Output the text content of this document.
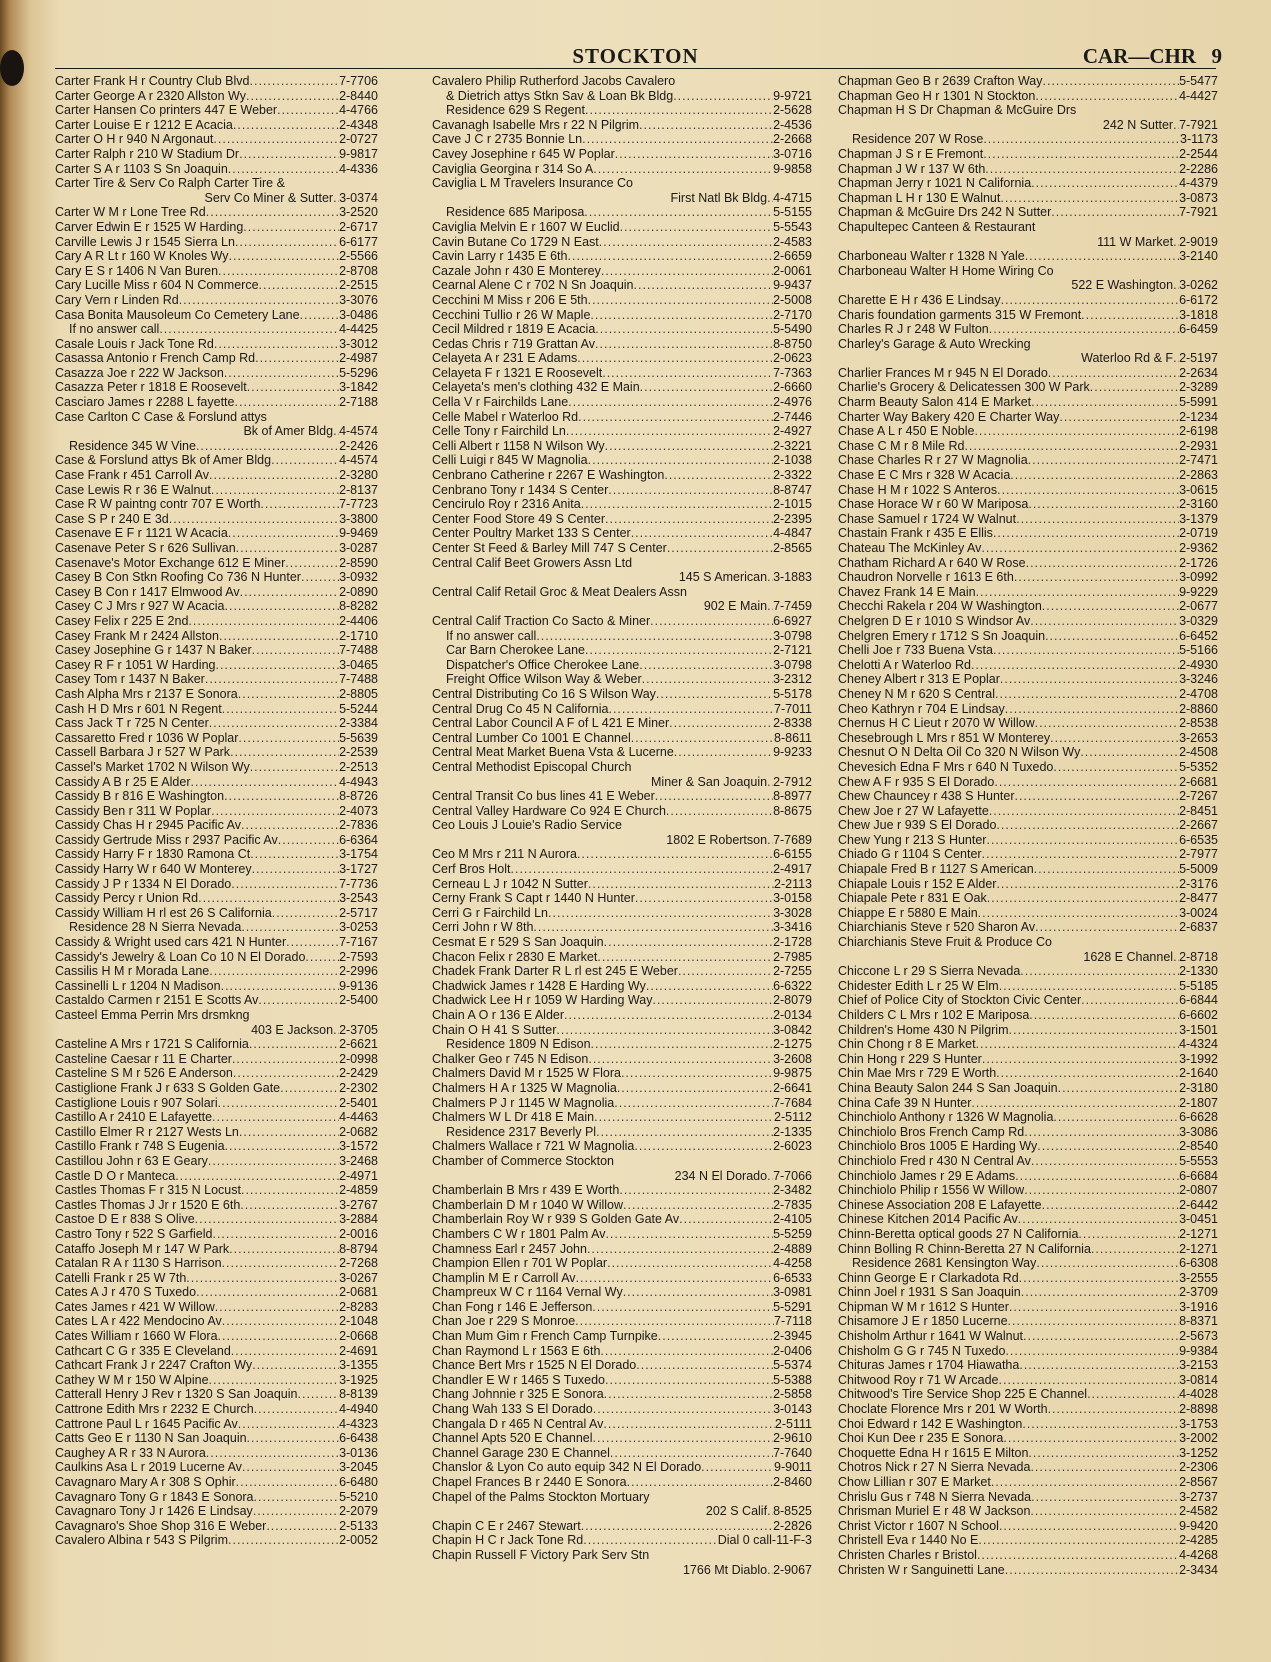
STOCKTON	CAR—CHR 9
Carter Frank H r Country Club Blvd .....	7-7706
Carter George A r 2320 Allston Wy .....	2-8440
Carter Hansen Co printers 447 E Weber .....	4-4766
Carter Louise E r 1212 E Acacia .....	2-4348
Carter O H r 940 N Argonaut .....	2-0727
Carter Ralph r 210 W Stadium Dr .....	9-9817
Carter S A r 1103 S Sn Joaquin .....	4-4336
Carter Tire & Serv Co Ralph Carter Tire &
Serv Co Miner & Sutter ..... 3-0374
Carter W M r Lone Tree Rd .....	3-2520
Carver Edwin E r 1525 W Harding .....	2-6717
Carville Lewis J r 1545 Sierra Ln .....	6-6177
Cary A R Lt r 160 W Knoles Wy .....	2-5566
Cary E S r 1406 N Van Buren .....	2-8708
Cary Lucille Miss r 604 N Commerce .....	2-2515
Cary Vern r Linden Rd .....	3-3076
Casa Bonita Mausoleum Co Cemetery Lane .....	3-0486
If no answer call .....	4-4425
Casale Louis r Jack Tone Rd .....	3-3012
Casassa Antonio r French Camp Rd .....	2-4987
Casazza Joe r 222 W Jackson .....	5-5296
Casazza Peter r 1818 E Roosevelt .....	3-1842
Casciaro James r 2288 L fayette .....	2-7188
Case Carlton C Case & Forslund attys
Bk of Amer Bldg ..... 4-4574
Residence 345 W Vine .....	2-2426
Case & Forslund attys Bk of Amer Bldg .....	4-4574
Case Frank r 451 Carroll Av .....	2-3280
Case Lewis R r 36 E Walnut .....	2-8137
Case R W paintng contr 707 E Worth .....	7-7723
Case S P r 240 E 3d .....	3-3800
Casenave E F r 1121 W Acacia .....	9-9469
Casenave Peter S r 626 Sullivan .....	3-0287
Casenave's Motor Exchange 612 E Miner .....	2-8590
Casey B Con Stkn Roofing Co 736 N Hunter .....	3-0932
Casey B Con r 1417 Elmwood Av .....	2-0890
Casey C J Mrs r 927 W Acacia .....	8-8282
Casey Felix r 225 E 2nd .....	2-4406
Casey Frank M r 2424 Allston .....	2-1710
Casey Josephine G r 1437 N Baker .....	7-7488
Casey R F r 1051 W Harding .....	3-0465
Casey Tom r 1437 N Baker .....	7-7488
Cash Alpha Mrs r 2137 E Sonora .....	2-8805
Cash H D Mrs r 601 N Regent .....	5-5244
Cass Jack T r 725 N Center .....	2-3384
Cassaretto Fred r 1036 W Poplar .....	5-5639
Cassell Barbara J r 527 W Park .....	2-2539
Cassel's Market 1702 N Wilson Wy .....	2-2513
Cassidy A B r 25 E Alder .....	4-4943
Cassidy B r 816 E Washington .....	8-8726
Cassidy Ben r 311 W Poplar .....	2-4073
Cassidy Chas H r 2945 Pacific Av .....	2-7836
Cassidy Gertrude Miss r 2937 Pacific Av .....	6-6364
Cassidy Harry F r 1830 Ramona Ct .....	3-1754
Cassidy Harry W r 640 W Monterey .....	3-1727
Cassidy J P r 1334 N El Dorado .....	7-7736
Cassidy Percy r Union Rd .....	3-2543
Cassidy William H rl est 26 S California .....	2-5717
Residence 28 N Sierra Nevada .....	3-0253
Cassidy & Wright used cars 421 N Hunter .....	7-7167
Cassidy's Jewelry & Loan Co 10 N El Dorado .....	2-7593
Cassilis H M r Morada Lane .....	2-2996
Cassinelli L r 1204 N Madison .....	9-9136
Castaldo Carmen r 2151 E Scotts Av .....	2-5400
Casteel Emma Perrin Mrs drsmkng
403 E Jackson ..... 2-3705
Casteline A Mrs r 1721 S California .....	2-6621
Casteline Caesar r 11 E Charter .....	2-0998
Casteline S M r 526 E Anderson .....	2-2429
Castiglione Frank J r 633 S Golden Gate .....	2-2302
Castiglione Louis r 907 Solari .....	2-5401
Castillo A r 2410 E Lafayette .....	4-4463
Castillo Elmer R r 2127 Wests Ln .....	2-0682
Castillo Frank r 748 S Eugenia .....	3-1572
Castillou John r 63 E Geary .....	3-2468
Castle D O r Manteca .....	2-4971
Castles Thomas F r 315 N Locust .....	2-4859
Castles Thomas J Jr r 1520 E 6th .....	3-2767
Castoe D E r 838 S Olive .....	3-2884
Castro Tony r 522 S Garfield .....	2-0016
Cataffo Joseph M r 147 W Park .....	8-8794
Catalan R A r 1130 S Harrison .....	2-7268
Catelli Frank r 25 W 7th .....	3-0267
Cates A J r 470 S Tuxedo .....	2-0681
Cates James r 421 W Willow .....	2-8283
Cates L A r 422 Mendocino Av .....	2-1048
Cates William r 1660 W Flora .....	2-0668
Cathcart C G r 335 E Cleveland .....	2-4691
Cathcart Frank J r 2247 Crafton Wy .....	3-1355
Cathey W M r 150 W Alpine .....	3-1925
Catterall Henry J Rev r 1320 S San Joaquin .....	8-8139
Cattrone Edith Mrs r 2232 E Church .....	4-4940
Cattrone Paul L r 1645 Pacific Av .....	4-4323
Catts Geo E r 1130 N San Joaquin .....	6-6438
Caughey A R r 33 N Aurora .....	3-0136
Caulkins Asa L r 2019 Lucerne Av .....	3-2045
Cavagnaro Mary A r 308 S Ophir .....	6-6480
Cavagnaro Tony G r 1843 E Sonora .....	5-5210
Cavagnaro Tony J r 1426 E Lindsay .....	2-2079
Cavagnaro's Shoe Shop 316 E Weber .....	2-5133
Cavalero Albina r 543 S Pilgrim .....	2-0052
Cavalero Philip Rutherford Jacobs Cavalero
& Dietrich attys Stkn Sav & Loan Bk Bldg .....	9-9721
Residence 629 S Regent .....	2-5628
Cavanagh Isabelle Mrs r 22 N Pilgrim .....	2-4536
Cave J C r 2735 Bonnie Ln .....	2-2668
Cavey Josephine r 645 W Poplar .....	3-0716
Caviglia Georgina r 314 So A .....	9-9858
Caviglia L M Travelers Insurance Co
First Natl Bk Bldg ..... 4-4715
Residence 685 Mariposa .....	5-5155
Caviglia Melvin E r 1607 W Euclid .....	5-5543
Cavin Butane Co 1729 N East .....	2-4583
Cavin Larry r 1435 E 6th .....	2-6659
Cazale John r 430 E Monterey .....	2-0061
Cearnal Alene C r 702 N Sn Joaquin .....	9-9437
Cecchini M Miss r 206 E 5th .....	2-5008
Cecchini Tullio r 26 W Maple .....	2-7170
Cecil Mildred r 1819 E Acacia .....	5-5490
Cedas Chris r 719 Grattan Av .....	8-8750
Celayeta A r 231 E Adams .....	2-0623
Celayeta F r 1321 E Roosevelt .....	7-7363
Celayeta's men's clothing 432 E Main .....	2-6660
Cella V r Fairchilds Lane .....	2-4976
Celle Mabel r Waterloo Rd .....	2-7446
Celle Tony r Fairchild Ln .....	2-4927
Celli Albert r 1158 N Wilson Wy .....	2-3221
Celli Luigi r 845 W Magnolia .....	2-1038
Cenbrano Catherine r 2267 E Washington .....	2-3322
Cenbrano Tony r 1434 S Center .....	8-8747
Cencirulo Roy r 2316 Anita .....	2-1015
Center Food Store 49 S Center .....	2-2395
Center Poultry Market 133 S Center .....	4-4847
Center St Feed & Barley Mill 747 S Center .....	2-8565
Central Calif Beet Growers Assn Ltd
145 S American ..... 3-1883
Central Calif Retail Groc & Meat Dealers Assn
902 E Main ..... 7-7459
Central Calif Traction Co Sacto & Miner .....	6-6927
If no answer call .....	3-0798
Car Barn Cherokee Lane .....	2-7121
Dispatcher's Office Cherokee Lane .....	3-0798
Freight Office Wilson Way & Weber .....	3-2312
Central Distributing Co 16 S Wilson Way .....	5-5178
Central Drug Co 45 N California .....	7-7011
Central Labor Council A F of L 421 E Miner .....	2-8338
Central Lumber Co 1001 E Channel .....	8-8611
Central Meat Market Buena Vsta & Lucerne .....	9-9233
Central Methodist Episcopal Church
Miner & San Joaquin ..... 2-7912
Central Transit Co bus lines 41 E Weber .....	8-8977
Central Valley Hardware Co 924 E Church .....	8-8675
Ceo Louis J Louie's Radio Service
1802 E Robertson ..... 7-7689
Ceo M Mrs r 211 N Aurora .....	6-6155
Cerf Bros Holt .....	2-4917
Cerneau L J r 1042 N Sutter .....	2-2113
Cerny Frank S Capt r 1440 N Hunter .....	3-0158
Cerri G r Fairchild Ln .....	3-3028
Cerri John r W 8th .....	3-3416
Cesmat E r 529 S San Joaquin .....	2-1728
Chacon Felix r 2830 E Market .....	2-7985
Chadek Frank Darter R L rl est 245 E Weber .....	2-7255
Chadwick James r 1428 E Harding Wy .....	6-6322
Chadwick Lee H r 1059 W Harding Way .....	2-8079
Chain A O r 136 E Alder .....	2-0134
Chain O H 41 S Sutter .....	3-0842
Residence 1809 N Edison .....	2-1275
Chalker Geo r 745 N Edison .....	3-2608
Chalmers David M r 1525 W Flora .....	9-9875
Chalmers H A r 1325 W Magnolia .....	2-6641
Chalmers P J r 1145 W Magnolia .....	7-7684
Chalmers W L Dr 418 E Main .....	2-5112
Residence 2317 Beverly Pl .....	2-1335
Chalmers Wallace r 721 W Magnolia .....	2-6023
Chamber of Commerce Stockton
234 N El Dorado ..... 7-7066
Chamberlain B Mrs r 439 E Worth .....	2-3482
Chamberlain D M r 1040 W Willow .....	2-7835
Chamberlain Roy W r 939 S Golden Gate Av .....	2-4105
Chambers C W r 1801 Palm Av .....	5-5259
Chamness Earl r 2457 John .....	2-4889
Champion Ellen r 701 W Poplar .....	4-4258
Champlin M E r Carroll Av .....	6-6533
Champreux W C r 1164 Vernal Wy .....	3-0981
Chan Fong r 146 E Jefferson .....	5-5291
Chan Joe r 229 S Monroe .....	7-7118
Chan Mum Gim r French Camp Turnpike .....	2-3945
Chan Raymond L r 1563 E 6th .....	2-0406
Chance Bert Mrs r 1525 N El Dorado .....	5-5374
Chandler E W r 1465 S Tuxedo .....	5-5388
Chang Johnnie r 325 E Sonora .....	2-5858
Chang Wah 133 S El Dorado .....	3-0143
Changala D r 465 N Central Av .....	2-5111
Channel Apts 520 E Channel .....	2-9610
Channel Garage 230 E Channel .....	7-7640
Chanslor & Lyon Co auto equip 342 N El Dorado .....	9-9011
Chapel Frances B r 2440 E Sonora .....	2-8460
Chapel of the Palms Stockton Mortuary
202 S Calif ..... 8-8525
Chapin C E r 2467 Stewart .....	2-2826
Chapin H C r Jack Tone Rd .....	Dial 0 call-11-F-3
Chapin Russell F Victory Park Serv Stn
1766 Mt Diablo ..... 2-9067
Chapman Geo B r 2639 Crafton Way .....	5-5477
Chapman Geo H r 1301 N Stockton .....	4-4427
Chapman H S Dr Chapman & McGuire Drs
242 N Sutter ..... 7-7921
Residence 207 W Rose .....	3-1173
Chapman J S r E Fremont .....	2-2544
Chapman J W r 137 W 6th .....	2-2286
Chapman Jerry r 1021 N California .....	4-4379
Chapman L H r 130 E Walnut .....	3-0873
Chapman & McGuire Drs 242 N Sutter .....	7-7921
Chapultepec Canteen & Restaurant
111 W Market ..... 2-9019
Charboneau Walter r 1328 N Yale .....	3-2140
Charboneau Walter H Home Wiring Co
522 E Washington ..... 3-0262
Charette E H r 436 E Lindsay .....	6-6172
Charis foundation garments 315 W Fremont .....	3-1818
Charles R J r 248 W Fulton .....	6-6459
Charley's Garage & Auto Wrecking
Waterloo Rd & F ..... 2-5197
Charlier Frances M r 945 N El Dorado .....	2-2634
Charlie's Grocery & Delicatessen 300 W Park .....	2-3289
Charm Beauty Salon 414 E Market .....	5-5991
Charter Way Bakery 420 E Charter Way .....	2-1234
Chase A L r 450 E Noble .....	2-6198
Chase C M r 8 Mile Rd .....	2-2931
Chase Charles R r 27 W Magnolia .....	2-7471
Chase E C Mrs r 328 W Acacia .....	2-2863
Chase H M r 1022 S Anteros .....	3-0615
Chase Horace W r 60 W Mariposa .....	2-3160
Chase Samuel r 1724 W Walnut .....	3-1379
Chastain Frank r 435 E Ellis .....	2-0719
Chateau The McKinley Av .....	2-9362
Chatham Richard A r 640 W Rose .....	2-1726
Chaudron Norvelle r 1613 E 6th .....	3-0992
Chavez Frank 14 E Main .....	9-9229
Checchi Rakela r 204 W Washington .....	2-0677
Chelgren D E r 1010 S Windsor Av .....	3-0329
Chelgren Emery r 1712 S Sn Joaquin .....	6-6452
Chelli Joe r 733 Buena Vsta .....	5-5166
Chelotti A r Waterloo Rd .....	2-4930
Cheney Albert r 313 E Poplar .....	3-3246
Cheney N M r 620 S Central .....	2-4708
Cheo Kathryn r 704 E Lindsay .....	2-8860
Chernus H C Lieut r 2070 W Willow .....	2-8538
Chesebrough L Mrs r 851 W Monterey .....	3-2653
Chesnut O N Delta Oil Co 320 N Wilson Wy .....	2-4508
Chevesich Edna F Mrs r 640 N Tuxedo .....	5-5352
Chew A F r 935 S El Dorado .....	2-6681
Chew Chauncey r 438 S Hunter .....	2-7267
Chew Joe r 27 W Lafayette .....	2-8451
Chew Jue r 939 S El Dorado .....	2-2667
Chew Yung r 213 S Hunter .....	6-6535
Chiado G r 1104 S Center .....	2-7977
Chiapale Fred B r 1127 S American .....	5-5009
Chiapale Louis r 152 E Alder .....	2-3176
Chiapale Pete r 831 E Oak .....	2-8477
Chiappe E r 5880 E Main .....	3-0024
Chiarchianis Steve r 520 Sharon Av .....	2-6837
Chiarchianis Steve Fruit & Produce Co
1628 E Channel ..... 2-8718
Chiccone L r 29 S Sierra Nevada .....	2-1330
Chidester Edith L r 25 W Elm .....	5-5185
Chief of Police City of Stockton Civic Center .....	6-6844
Childers C L Mrs r 102 E Mariposa .....	6-6602
Children's Home 430 N Pilgrim .....	3-1501
Chin Chong r 8 E Market .....	4-4324
Chin Hong r 229 S Hunter .....	3-1992
Chin Mae Mrs r 729 E Worth .....	2-1640
China Beauty Salon 244 S San Joaquin .....	2-3180
China Cafe 39 N Hunter .....	2-1807
Chinchiolo Anthony r 1326 W Magnolia .....	6-6628
Chinchiolo Bros French Camp Rd .....	3-3086
Chinchiolo Bros 1005 E Harding Wy .....	2-8540
Chinchiolo Fred r 430 N Central Av .....	5-5553
Chinchiolo James r 29 E Adams .....	6-6684
Chinchiolo Philip r 1556 W Willow .....	2-0807
Chinese Association 208 E Lafayette .....	2-6442
Chinese Kitchen 2014 Pacific Av .....	3-0451
Chinn-Beretta optical goods 27 N California .....	2-1271
Chinn Bolling R Chinn-Beretta 27 N California .....	2-1271
Residence 2681 Kensington Way .....	6-6308
Chinn George E r Clarkadota Rd .....	3-2555
Chinn Joel r 1931 S San Joaquin .....	2-3709
Chipman W M r 1612 S Hunter .....	3-1916
Chisamore J E r 1850 Lucerne .....	8-8371
Chisholm Arthur r 1641 W Walnut .....	2-5673
Chisholm G G r 745 N Tuxedo .....	9-9384
Chituras James r 1704 Hiawatha .....	3-2153
Chitwood Roy r 71 W Arcade .....	3-0814
Chitwood's Tire Service Shop 225 E Channel .....	4-4028
Choclate Florence Mrs r 201 W Worth .....	2-8898
Choi Edward r 142 E Washington .....	3-1753
Choi Kun Dee r 235 E Sonora .....	3-2002
Choquette Edna H r 1615 E Milton .....	3-1252
Chotros Nick r 27 N Sierra Nevada .....	2-2306
Chow Lillian r 307 E Market .....	2-8567
Chrislu Gus r 748 N Sierra Nevada .....	3-2737
Chrisman Muriel E r 48 W Jackson .....	2-4582
Christ Victor r 1607 N School .....	9-9420
Christell Eva r 1440 No E .....	2-4285
Christen Charles r Bristol .....	4-4268
Christen W r Sanguinetti Lane .....	2-3434
